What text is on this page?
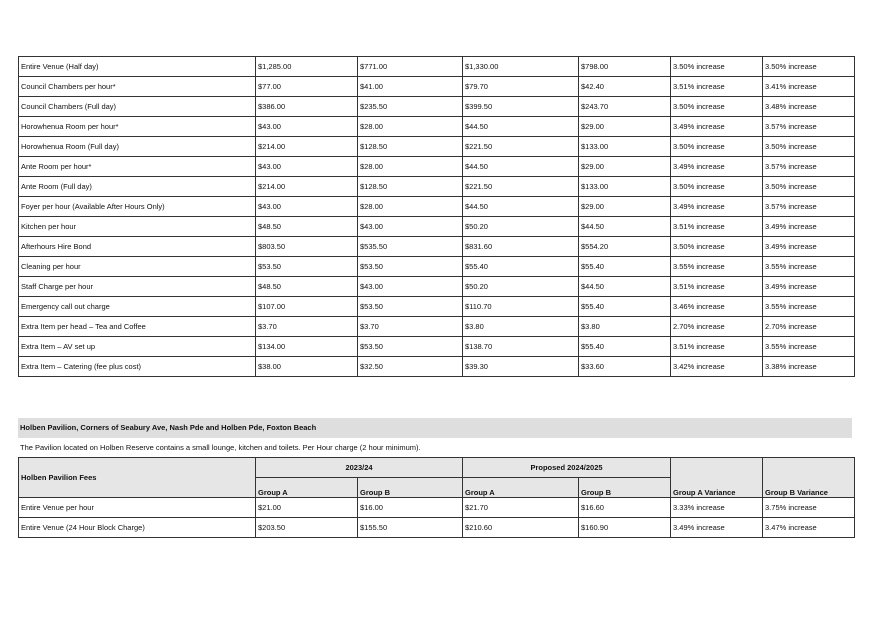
Entire Venue (Half day)	$1,285.00	$771.00	$1,330.00	$798.00	3.50% increase	3.50% increase
Council Chambers per hour*	$77.00	$41.00	$79.70	$42.40	3.51% increase	3.41% increase
Council Chambers (Full day)	$386.00	$235.50	$399.50	$243.70	3.50% increase	3.48% increase
Horowhenua Room per hour*	$43.00	$28.00	$44.50	$29.00	3.49% increase	3.57% increase
Horowhenua Room (Full day)	$214.00	$128.50	$221.50	$133.00	3.50% increase	3.50% increase
Ante Room per hour*	$43.00	$28.00	$44.50	$29.00	3.49% increase	3.57% increase
Ante Room (Full day)	$214.00	$128.50	$221.50	$133.00	3.50% increase	3.50% increase
Foyer per hour (Available After Hours Only)	$43.00	$28.00	$44.50	$29.00	3.49% increase	3.57% increase
Kitchen per hour	$48.50	$43.00	$50.20	$44.50	3.51% increase	3.49% increase
Afterhours Hire Bond	$803.50	$535.50	$831.60	$554.20	3.50% increase	3.49% increase
Cleaning per hour	$53.50	$53.50	$55.40	$55.40	3.55% increase	3.55% increase
Staff Charge per hour	$48.50	$43.00	$50.20	$44.50	3.51% increase	3.49% increase
Emergency call out charge	$107.00	$53.50	$110.70	$55.40	3.46% increase	3.55% increase
Extra Item per head – Tea and Coffee	$3.70	$3.70	$3.80	$3.80	2.70% increase	2.70% increase
Extra Item – AV set up	$134.00	$53.50	$138.70	$55.40	3.51% increase	3.55% increase
Extra Item – Catering (fee plus cost)	$38.00	$32.50	$39.30	$33.60	3.42% increase	3.38% increase
Holben Pavilion, Corners of Seabury Ave, Nash Pde and Holben Pde, Foxton Beach
The Pavilion located on Holben Reserve contains a small lounge, kitchen and toilets. Per Hour charge (2 hour minimum).
Holben Pavilion Fees	2023/24		Proposed 2024/2025		Group A Variance	Group B Variance
	Group A	Group B	Group A	Group B		
Entire Venue per hour	$21.00	$16.00	$21.70	$16.60	3.33% increase	3.75% increase
Entire Venue (24 Hour Block Charge)	$203.50	$155.50	$210.60	$160.90	3.49% increase	3.47% increase
